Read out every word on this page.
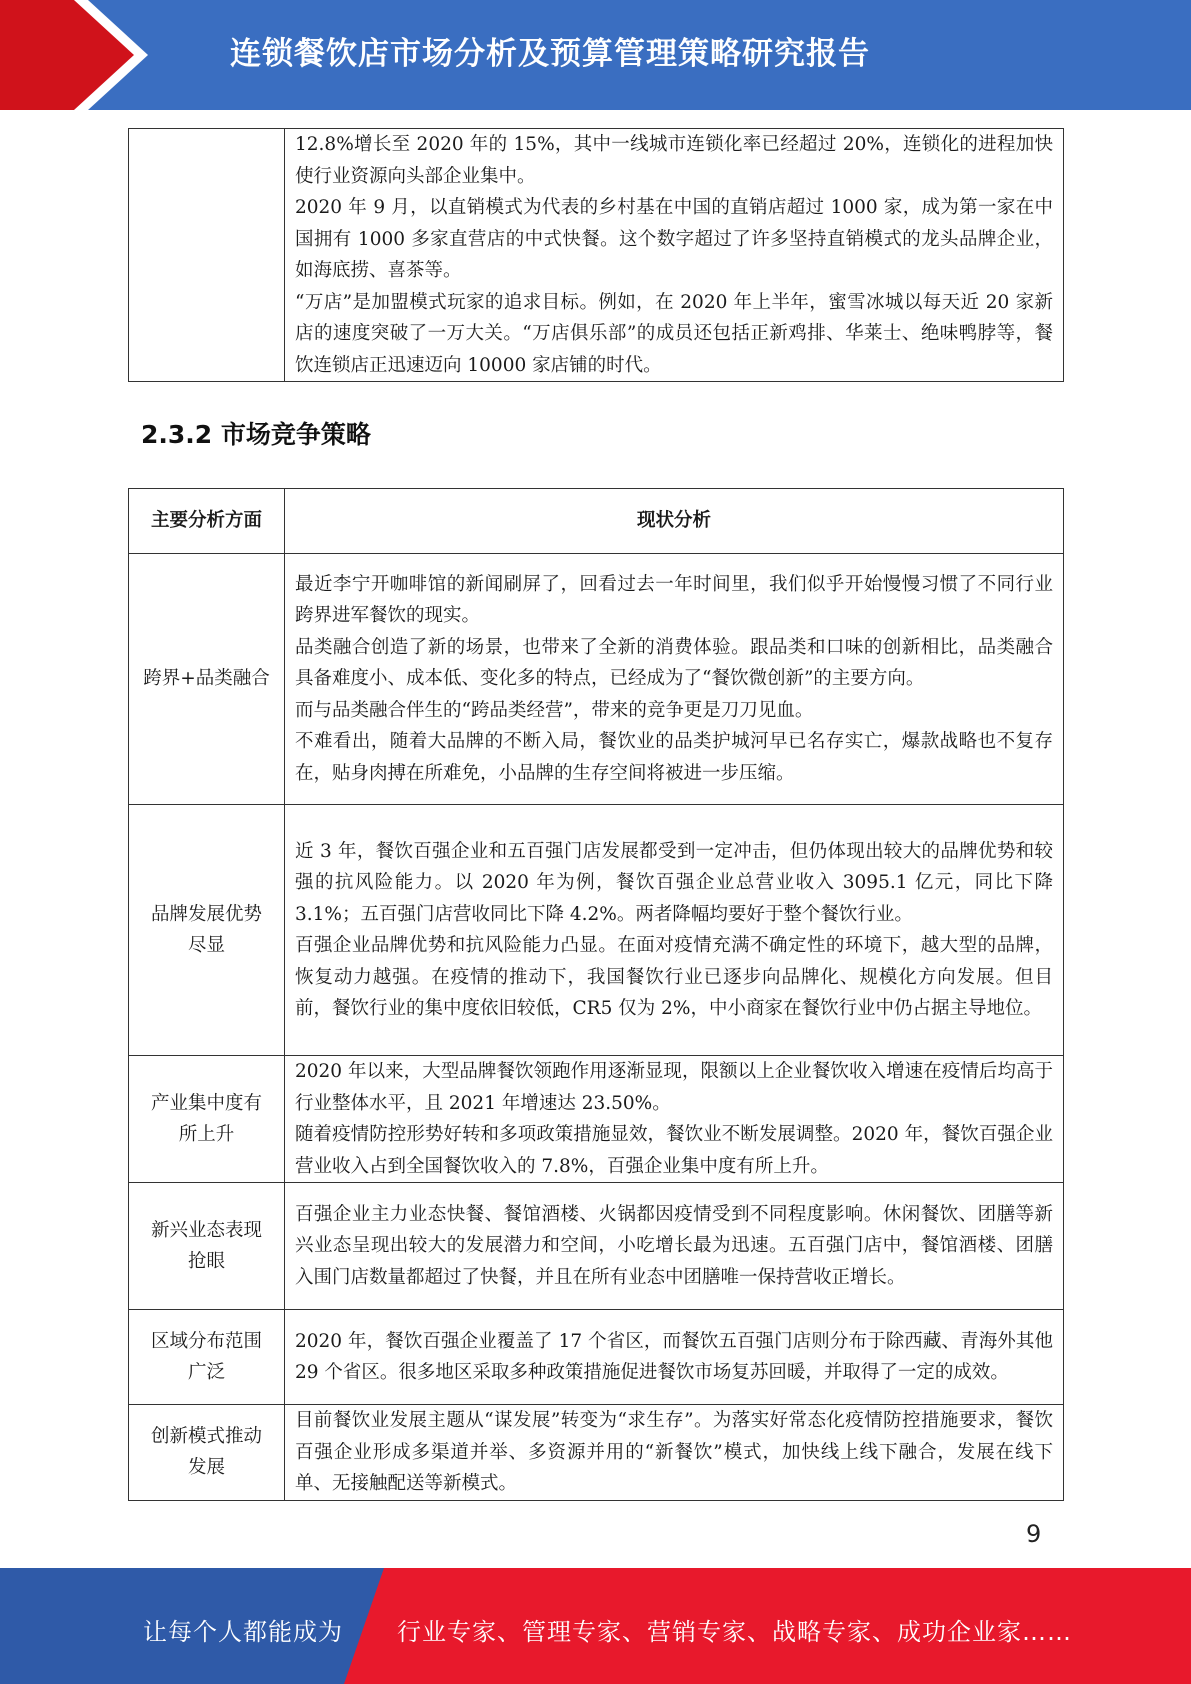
连锁餐饮店市场分析及预算管理策略研究报告

12.8%增长至 2020 年的 15%，其中一线城市连锁化率已经超过 20%，连锁化的进程加快使行业资源向头部企业集中。

2020 年 9 月，以直销模式为代表的乡村基在中国的直销店超过 1000 家，成为第一家在中国拥有 1000 多家直营店的中式快餐。这个数字超过了许多坚持直销模式的龙头品牌企业，如海底捞、喜茶等。

“万店”是加盟模式玩家的追求目标。例如，在 2020 年上半年，蜜雪冰城以每天近 20 家新店的速度突破了一万大关。“万店俱乐部”的成员还包括正新鸡排、华莱士、绝味鸭脖等，餐饮连锁店正迅速迈向 10000 家店铺的时代。

2.3.2 市场竞争策略
主要分析方面	现状分析
跨界+品类融合	最近李宁开咖啡馆的新闻刷屏了，回看过去一年时间里，我们似乎开始慢慢习惯了不同行业跨界进军餐饮的现实。

品类融合创造了新的场景，也带来了全新的消费体验。跟品类和口味的创新相比，品类融合具备难度小、成本低、变化多的特点，已经成为了“餐饮微创新”的主要方向。

而与品类融合伴生的“跨品类经营”，带来的竞争更是刀刀见血。

不难看出，随着大品牌的不断入局，餐饮业的品类护城河早已名存实亡，爆款战略也不复存在，贴身肉搏在所难免，小品牌的生存空间将被进一步压缩。

品牌发展优势尽显	近 3 年，餐饮百强企业和五百强门店发展都受到一定冲击，但仍体现出较大的品牌优势和较强的抗风险能力。以 2020 年为例，餐饮百强企业总营业收入 3095.1 亿元，同比下降 3.1%；五百强门店营收同比下降 4.2%。两者降幅均要好于整个餐饮行业。

百强企业品牌优势和抗风险能力凸显。在面对疫情充满不确定性的环境下，越大型的品牌，恢复动力越强。在疫情的推动下，我国餐饮行业已逐步向品牌化、规模化方向发展。但目前，餐饮行业的集中度依旧较低，CR5 仅为 2%，中小商家在餐饮行业中仍占据主导地位。

产业集中度有所上升	2020 年以来，大型品牌餐饮领跑作用逐渐显现，限额以上企业餐饮收入增速在疫情后均高于行业整体水平，且 2021 年增速达 23.50%。

随着疫情防控形势好转和多项政策措施显效，餐饮业不断发展调整。2020 年，餐饮百强企业营业收入占到全国餐饮收入的 7.8%，百强企业集中度有所上升。

新兴业态表现抢眼	百强企业主力业态快餐、餐馆酒楼、火锅都因疫情受到不同程度影响。休闲餐饮、团膳等新兴业态呈现出较大的发展潜力和空间，小吃增长最为迅速。五百强门店中，餐馆酒楼、团膳入围门店数量都超过了快餐，并且在所有业态中团膳唯一保持营收正增长。

区域分布范围广泛	2020 年，餐饮百强企业覆盖了 17 个省区，而餐饮五百强门店则分布于除西藏、青海外其他 29 个省区。很多地区采取多种政策措施促进餐饮市场复苏回暖，并取得了一定的成效。

创新模式推动发展	目前餐饮业发展主题从“谋发展”转变为“求生存”。为落实好常态化疫情防控措施要求，餐饮百强企业形成多渠道并举、多资源并用的“新餐饮”模式，加快线上线下融合，发展在线下单、无接触配送等新模式。

9
让每个人都能成为 行业专家、管理专家、营销专家、战略专家、成功企业家……
